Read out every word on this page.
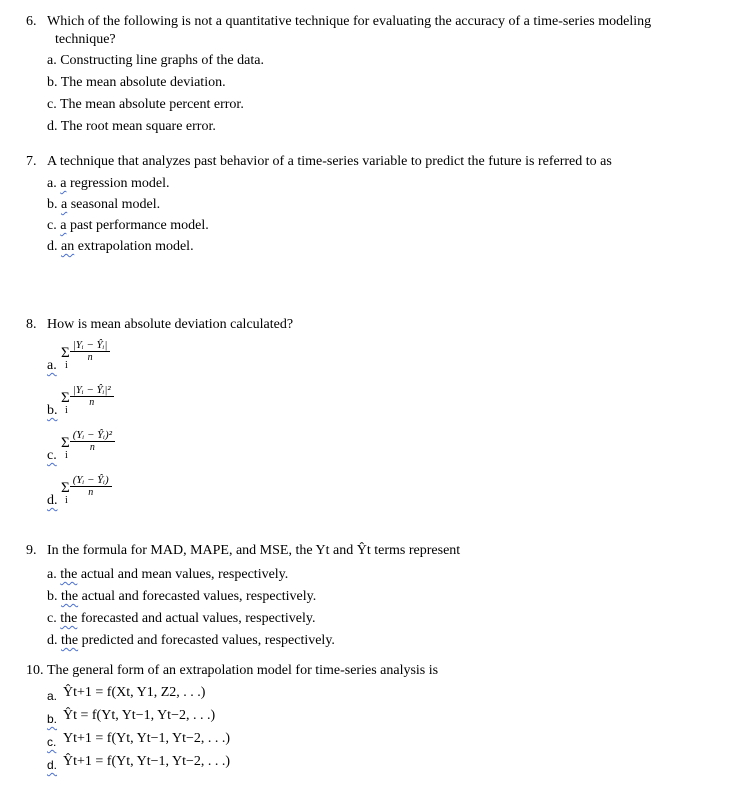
6. Which of the following is not a quantitative technique for evaluating the accuracy of a time-series modeling
technique?
a. Constructing line graphs of the data.
b. The mean absolute deviation.
c. The mean absolute percent error.
d. The root mean square error.
7. A technique that analyzes past behavior of a time-series variable to predict the future is referred to as
a. a regression model.
b. a seasonal model.
c. a past performance model.
d. an extrapolation model.
8. How is mean absolute deviation calculated?
a.
Σ $\frac{\text{|Yᵢ − Ŷᵢ|}}{n}$
i
b.
Σ $\frac{\text{|Yᵢ − Ŷᵢ|²}}{n}$
i
c.
Σ $\frac{\text{(Yᵢ − Ŷᵢ)²}}{n}$
i
d.
Σ $\frac{\text{(Yᵢ − Ŷᵢ)}}{n}$
i
9. In the formula for MAD, MAPE, and MSE, the Yt and Ŷt terms represent
a. the actual and mean values, respectively.
b. the actual and forecasted values, respectively.
c. the forecasted and actual values, respectively.
d. the predicted and forecasted values, respectively.
10. The general form of an extrapolation model for time-series analysis is
a. Ŷt+1 = f(Xt, Y1, Z2, . . .)
b. Ŷt = f(Yt, Yt−1, Yt−2, . . .)
c. Yt+1 = f(Yt, Yt−1, Yt−2, . . .)
d. Ŷt+1 = f(Yt, Yt−1, Yt−2, . . .)
